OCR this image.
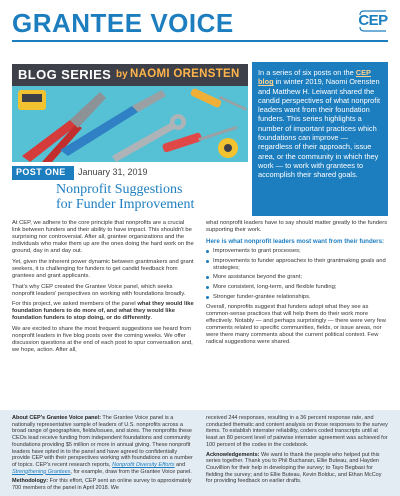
GRANTEE VOICE	CEP
BLOG SERIES by NAOMI ORENSTEN
POST ONE January 31, 2019
Nonprofit Suggestions
for Funder Improvement

In a series of six posts on the CEP blog in winter 2019, Naomi Orensten and Matthew H. Leiwant shared the candid perspectives of what nonprofit leaders want from their foundation funders. This series highlights a number of important practices which foundations can improve — regardless of their approach, issue area, or the community in which they work — to work with grantees to accomplish their shared goals.

At CEP, we adhere to the core principle that nonprofits are a crucial link between funders and their ability to have impact. This shouldn't be surprising nor controversial. After all, grantee organizations and the individuals who make them up are the ones doing the hard work on the ground, day in and day out.

Yet, given the inherent power dynamic between grantmakers and grant seekers, it is challenging for funders to get candid feedback from grantees and grant applicants.

That's why CEP created the Grantee Voice panel, which seeks nonprofit leaders' perspectives on working with foundations broadly.

For this project, we asked members of the panel what they would like foundation funders to do more of, and what they would like foundation funders to stop doing, or do differently.

We are excited to share the most frequent suggestions we heard from nonprofit leaders in five blog posts over the coming weeks. We offer discussion questions at the end of each post to spur conversation and, we hope, action. After all,

what nonprofit leaders have to say should matter greatly to the funders supporting their work.

Here is what nonprofit leaders most want from their funders:
Improvements to grant processes;
Improvements to funder approaches to their grantmaking goals and strategies;
More assistance beyond the grant;
More consistent, long-term, and flexible funding;
Stronger funder-grantee relationships.

Overall, nonprofits suggest that funders adopt what they see as common-sense practices that will help them do their work more effectively. Notably — and perhaps surprisingly — there were very few comments related to specific communities, fields, or issue areas, nor were there many comments about the current political context. Few radical suggestions were shared.

About CEP's Grantee Voice panel: The Grantee Voice panel is a nationally representative sample of leaders of U.S. nonprofits across a broad range of geographies, fields/issues, and sizes. The nonprofits these CEOs lead receive funding from independent foundations and community foundations providing $5 million or more in annual giving. These nonprofit leaders have opted in to the panel and have agreed to confidentially provide CEP with their perspectives working with foundations on a number of topics. CEP's recent research reports, Nonprofit Diversity Efforts and Strengthening Grantees, for example, draw from the Grantee Voice panel.

Methodology: For this effort, CEP sent an online survey to approximately 700 members of the panel in April 2018. We

received 244 responses, resulting in a 36 percent response rate, and conducted thematic and content analysis on those responses to the survey items. To establish interrater reliability, coders coded transcripts until at least an 80 percent level of pairwise interrater agreement was achieved for 100 percent of the codes in the codebook.

Acknowledgements: We want to thank the people who helped put this series together. Thank you to Phil Buchanan, Ellie Buteau, and Hayden Couvillion for their help in developing the survey; to Tayo Begbasi for fielding the survey; and to Ellie Buteau, Kevin Bolduc, and Ethan McCoy for providing feedback on earlier drafts.
